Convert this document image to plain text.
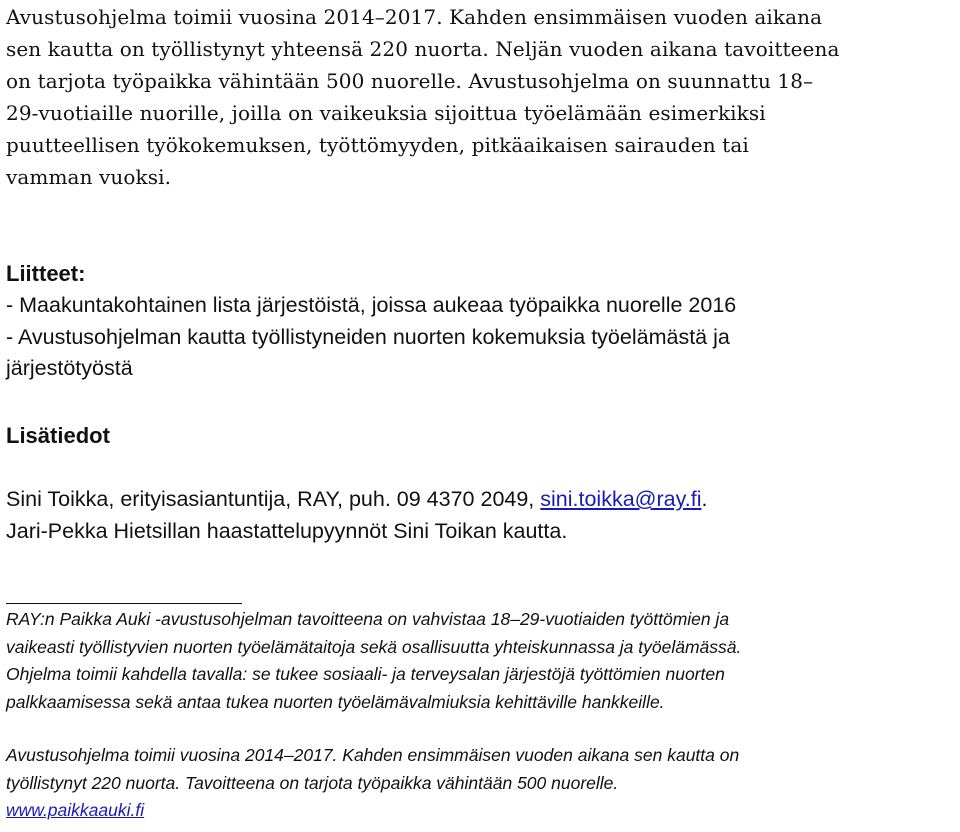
Avustusohjelma toimii vuosina 2014–2017. Kahden ensimmäisen vuoden aikana
sen kautta on työllistynyt yhteensä 220 nuorta. Neljän vuoden aikana tavoitteena
on tarjota työpaikka vähintään 500 nuorelle. Avustusohjelma on suunnattu 18–
29-vuotiaille nuorille, joilla on vaikeuksia sijoittua työelämään esimerkiksi
puutteellisen työkokemuksen, työttömyyden, pitkäaikaisen sairauden tai
vamman vuoksi.

Liitteet:
- Maakuntakohtainen lista järjestöistä, joissa aukeaa työpaikka nuorelle 2016
- Avustusohjelman kautta työllistyneiden nuorten kokemuksia työelämästä ja
järjestötyöstä
Lisätiedot
Sini Toikka, erityisasiantuntija, RAY, puh. 09 4370 2049, sini.toikka@ray.fi.
Jari-Pekka Hietsillan haastattelupyynnöt Sini Toikan kautta.

RAY:n Paikka Auki -avustusohjelman tavoitteena on vahvistaa 18–29-vuotiaiden työttömien ja
vaikeasti työllistyvien nuorten työelämätaitoja sekä osallisuutta yhteiskunnassa ja työelämässä.
Ohjelma toimii kahdella tavalla: se tukee sosiaali- ja terveysalan järjestöjä työttömien nuorten
palkkaamisessa sekä antaa tukea nuorten työelämävalmiuksia kehittäville hankkeille.

Avustusohjelma toimii vuosina 2014–2017. Kahden ensimmäisen vuoden aikana sen kautta on
työllistynyt 220 nuorta. Tavoitteena on tarjota työpaikka vähintään 500 nuorelle.
www.paikkaauki.fi
